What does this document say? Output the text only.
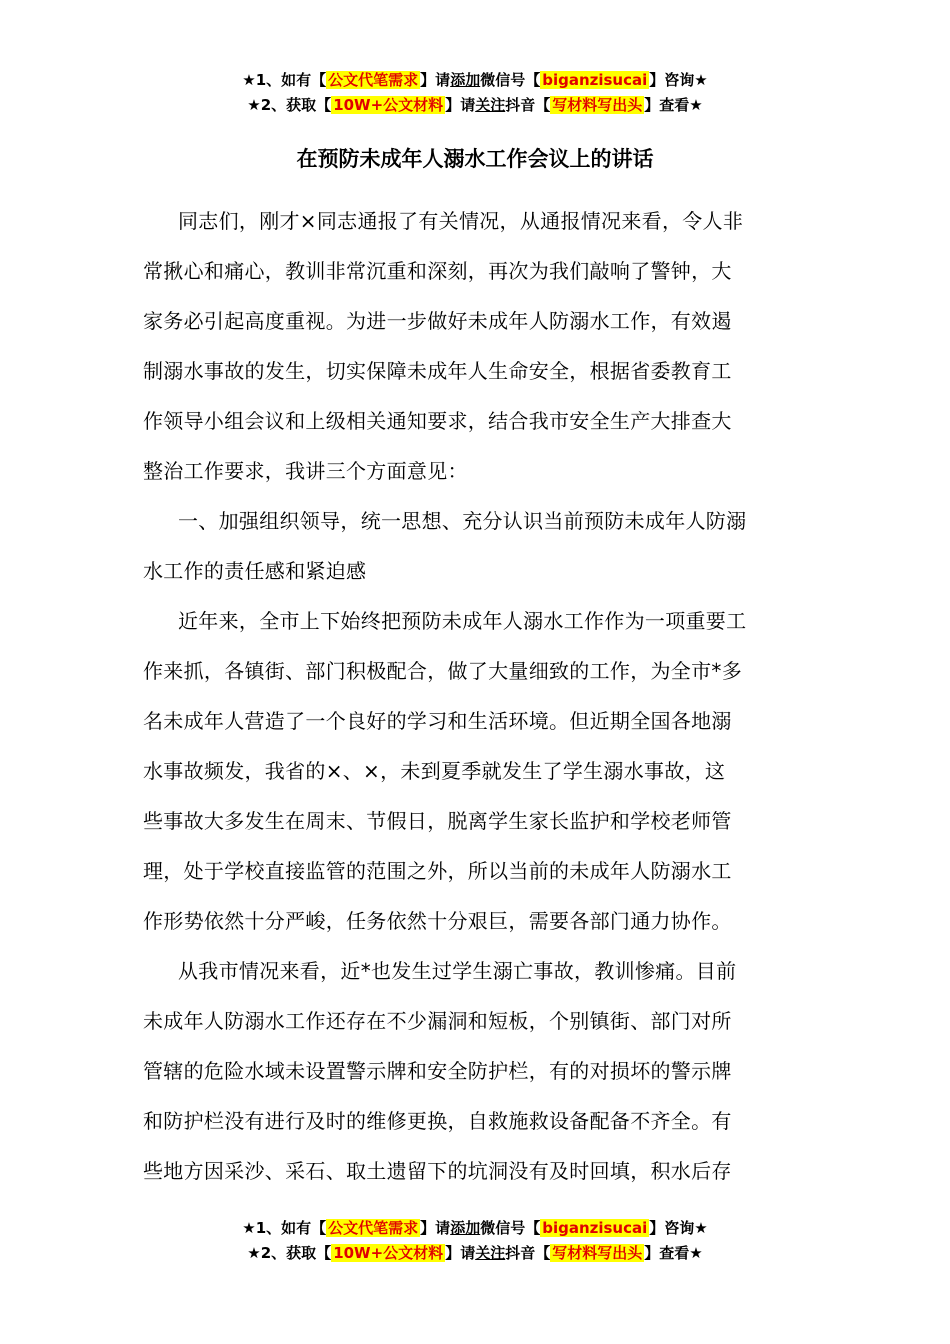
★1、如有【 公文代笔需求 】请添加微信号【 biganzisucai 】咨询★
★2、获取【 10W+公文材料 】请关注抖音【 写材料写出头 】查看★
在预防未成年人溺水工作会议上的讲话
同志们，刚才×同志通报了有关情况，从通报情况来看，令人非
常揪心和痛心，教训非常沉重和深刻，再次为我们敲响了警钟，大
家务必引起高度重视。为进一步做好未成年人防溺水工作，有效遏
制溺水事故的发生，切实保障未成年人生命安全，根据省委教育工
作领导小组会议和上级相关通知要求，结合我市安全生产大排查大
整治工作要求，我讲三个方面意见：
一、加强组织领导，统一思想、充分认识当前预防未成年人防溺
水工作的责任感和紧迫感
近年来，全市上下始终把预防未成年人溺水工作作为一项重要工
作来抓，各镇街、部门积极配合，做了大量细致的工作，为全市*多
名未成年人营造了一个良好的学习和生活环境。但近期全国各地溺
水事故频发，我省的×、×，未到夏季就发生了学生溺水事故，这
些事故大多发生在周末、节假日，脱离学生家长监护和学校老师管
理，处于学校直接监管的范围之外，所以当前的未成年人防溺水工
作形势依然十分严峻，任务依然十分艰巨，需要各部门通力协作。
从我市情况来看，近*也发生过学生溺亡事故，教训惨痛。目前
未成年人防溺水工作还存在不少漏洞和短板，个别镇街、部门对所
管辖的危险水域未设置警示牌和安全防护栏，有的对损坏的警示牌
和防护栏没有进行及时的维修更换，自救施救设备配备不齐全。有
些地方因采沙、采石、取土遗留下的坑洞没有及时回填，积水后存
★1、如有【 公文代笔需求 】请添加微信号【 biganzisucai 】咨询★
★2、获取【 10W+公文材料 】请关注抖音【 写材料写出头 】查看★
